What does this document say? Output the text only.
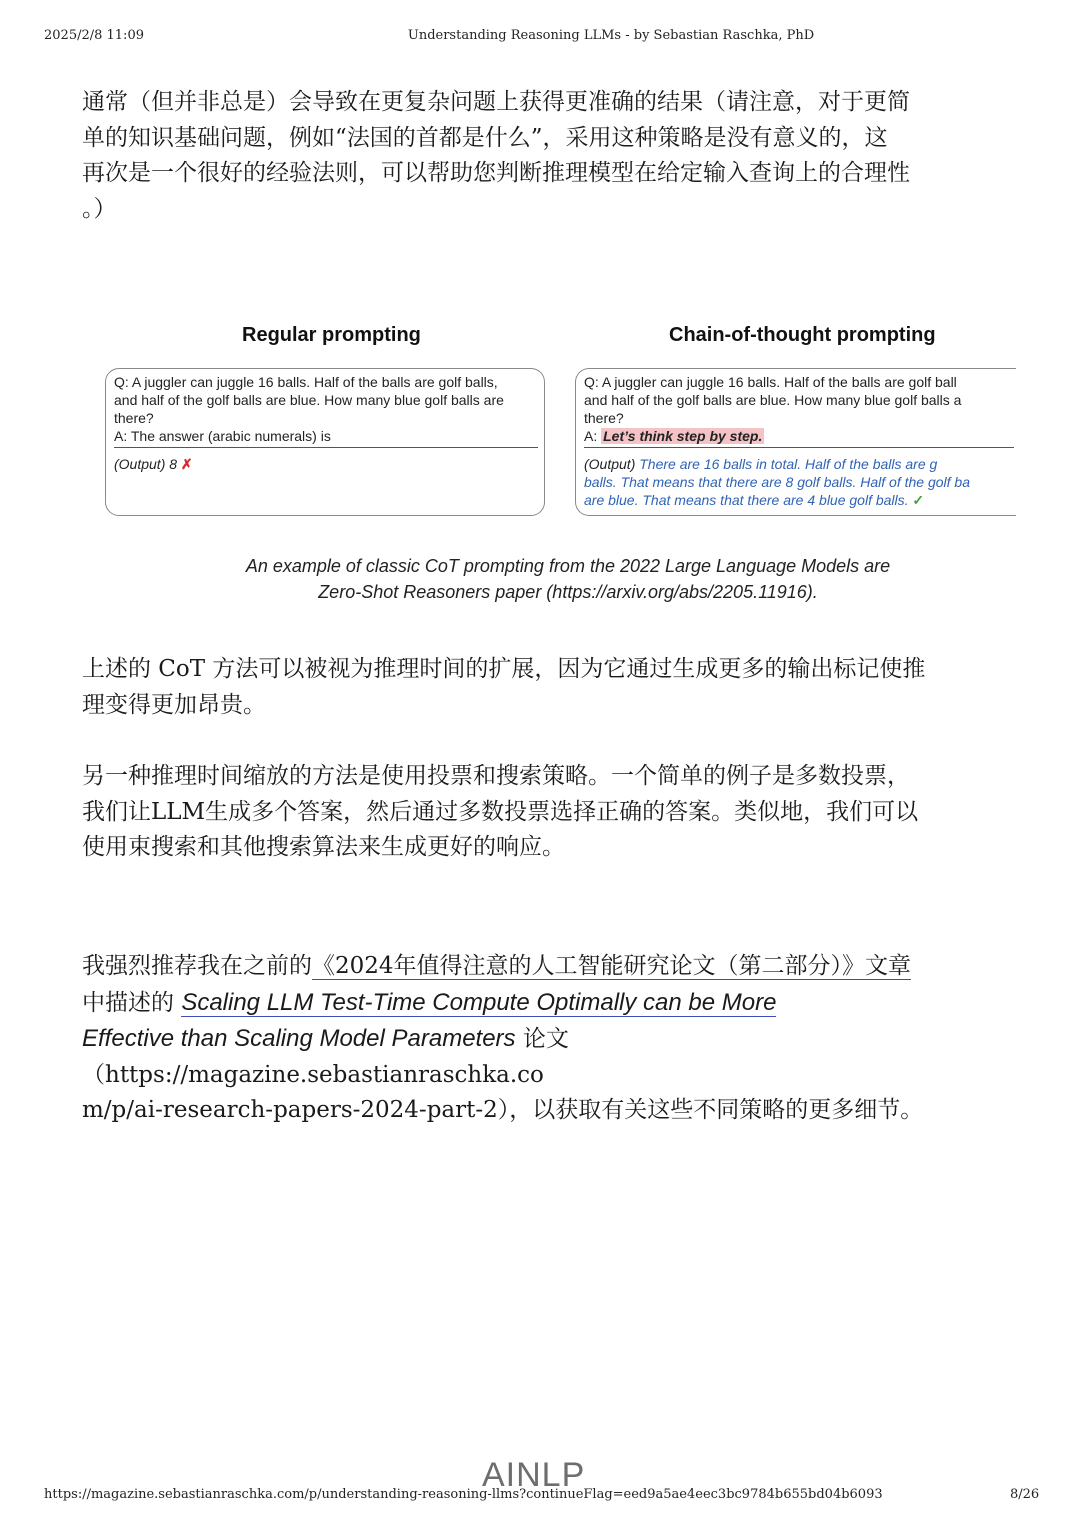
2025/2/8 11:09	Understanding Reasoning LLMs - by Sebastian Raschka, PhD
通常（但并非总是）会导致在更复杂问题上获得更准确的结果（请注意，对于更简
单的知识基础问题，例如“法国的首都是什么”，采用这种策略是没有意义的，这
再次是一个很好的经验法则，可以帮助您判断推理模型在给定输入查询上的合理性
。）
Regular prompting	Chain-of-thought prompting
Q: A juggler can juggle 16 balls. Half of the balls are golf balls,
and half of the golf balls are blue. How many blue golf balls are
there?
A: The answer (arabic numerals) is
(Output) 8 ✗
Q: A juggler can juggle 16 balls. Half of the balls are golf ball
and half of the golf balls are blue. How many blue golf balls a
there?
A: Let’s think step by step.
(Output) There are 16 balls in total. Half of the balls are g
balls. That means that there are 8 golf balls. Half of the golf ba
are blue. That means that there are 4 blue golf balls. ✓
An example of classic CoT prompting from the 2022 Large Language Models are
Zero-Shot Reasoners paper (https://arxiv.org/abs/2205.11916).
上述的 CoT 方法可以被视为推理时间的扩展，因为它通过生成更多的输出标记使推
理变得更加昂贵。
另一种推理时间缩放的方法是使用投票和搜索策略。一个简单的例子是多数投票，
我们让LLM生成多个答案，然后通过多数投票选择正确的答案。类似地，我们可以
使用束搜索和其他搜索算法来生成更好的响应。
我强烈推荐我在之前的《2024年值得注意的人工智能研究论文（第二部分）》文章
中描述的 Scaling LLM Test-Time Compute Optimally can be More
Effective than Scaling Model Parameters 论文（https://magazine.sebastianraschka.co
m/p/ai-research-papers-2024-part-2），以获取有关这些不同策略的更多细节。
AINLP
https://magazine.sebastianraschka.com/p/understanding-reasoning-llms?continueFlag=eed9a5ae4eec3bc9784b655bd04b6093	8/26
